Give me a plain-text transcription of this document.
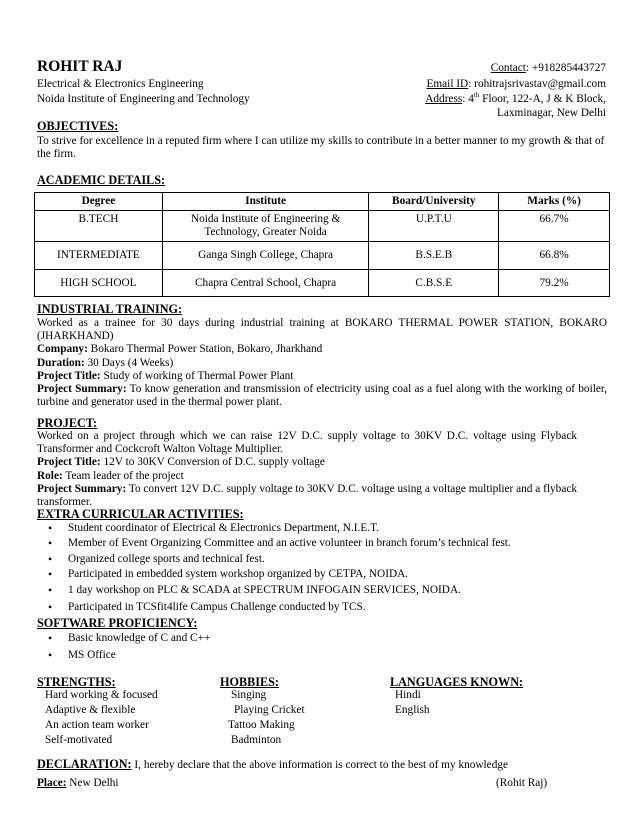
ROHIT RAJ
Electrical & Electronics Engineering
Noida Institute of Engineering and Technology
Contact: +918285443727
Email ID: rohitrajsrivastav@gmail.com
Address: 4th Floor, 122-A, J & K Block,
Laxminagar, New Delhi
OBJECTIVES:
To strive for excellence in a reputed firm where I can utilize my skills to contribute in a better manner to my growth & that of the firm.
ACADEMIC DETAILS:
Degree	Institute	Board/University	Marks (%)
B.TECH	Noida Institute of Engineering & Technology, Greater Noida	U.P.T.U	66.7%
INTERMEDIATE	Ganga Singh College, Chapra	B.S.E.B	66.8%
HIGH SCHOOL	Chapra Central School, Chapra	C.B.S.E	79.2%
INDUSTRIAL TRAINING:
Worked as a trainee for 30 days during industrial training at BOKARO THERMAL POWER STATION, BOKARO (JHARKHAND)
Company: Bokaro Thermal Power Station, Bokaro, Jharkhand
Duration: 30 Days (4 Weeks)
Project Title: Study of working of Thermal Power Plant
Project Summary: To know generation and transmission of electricity using coal as a fuel along with the working of boiler, turbine and generator used in the thermal power plant.
PROJECT:
Worked on a project through which we can raise 12V D.C. supply voltage to 30KV D.C. voltage using Flyback Transformer and Cockcroft Walton Voltage Multiplier.
Project Title: 12V to 30KV Conversion of D.C. supply voltage
Role: Team leader of the project
Project Summary: To convert 12V D.C. supply voltage to 30KV D.C. voltage using a voltage multiplier and a flyback transformer.
EXTRA CURRICULAR ACTIVITIES:
• Student coordinator of Electrical & Electronics Department, N.I.E.T.
• Member of Event Organizing Committee and an active volunteer in branch forum’s technical fest.
• Organized college sports and technical fest.
• Participated in embedded system workshop organized by CETPA, NOIDA.
• 1 day workshop on PLC & SCADA at SPECTRUM INFOGAIN SERVICES, NOIDA.
• Participated in TCSfit4life Campus Challenge conducted by TCS.
SOFTWARE PROFICIENCY:
• Basic knowledge of C and C++
• MS Office
STRENGTHS:
Hard working & focused
Adaptive & flexible
An action team worker
Self-motivated
HOBBIES:
Singing
Playing Cricket
Tattoo Making
Badminton
LANGUAGES KNOWN:
Hindi
English
DECLARATION: I, hereby declare that the above information is correct to the best of my knowledge
Place: New Delhi	(Rohit Raj)
